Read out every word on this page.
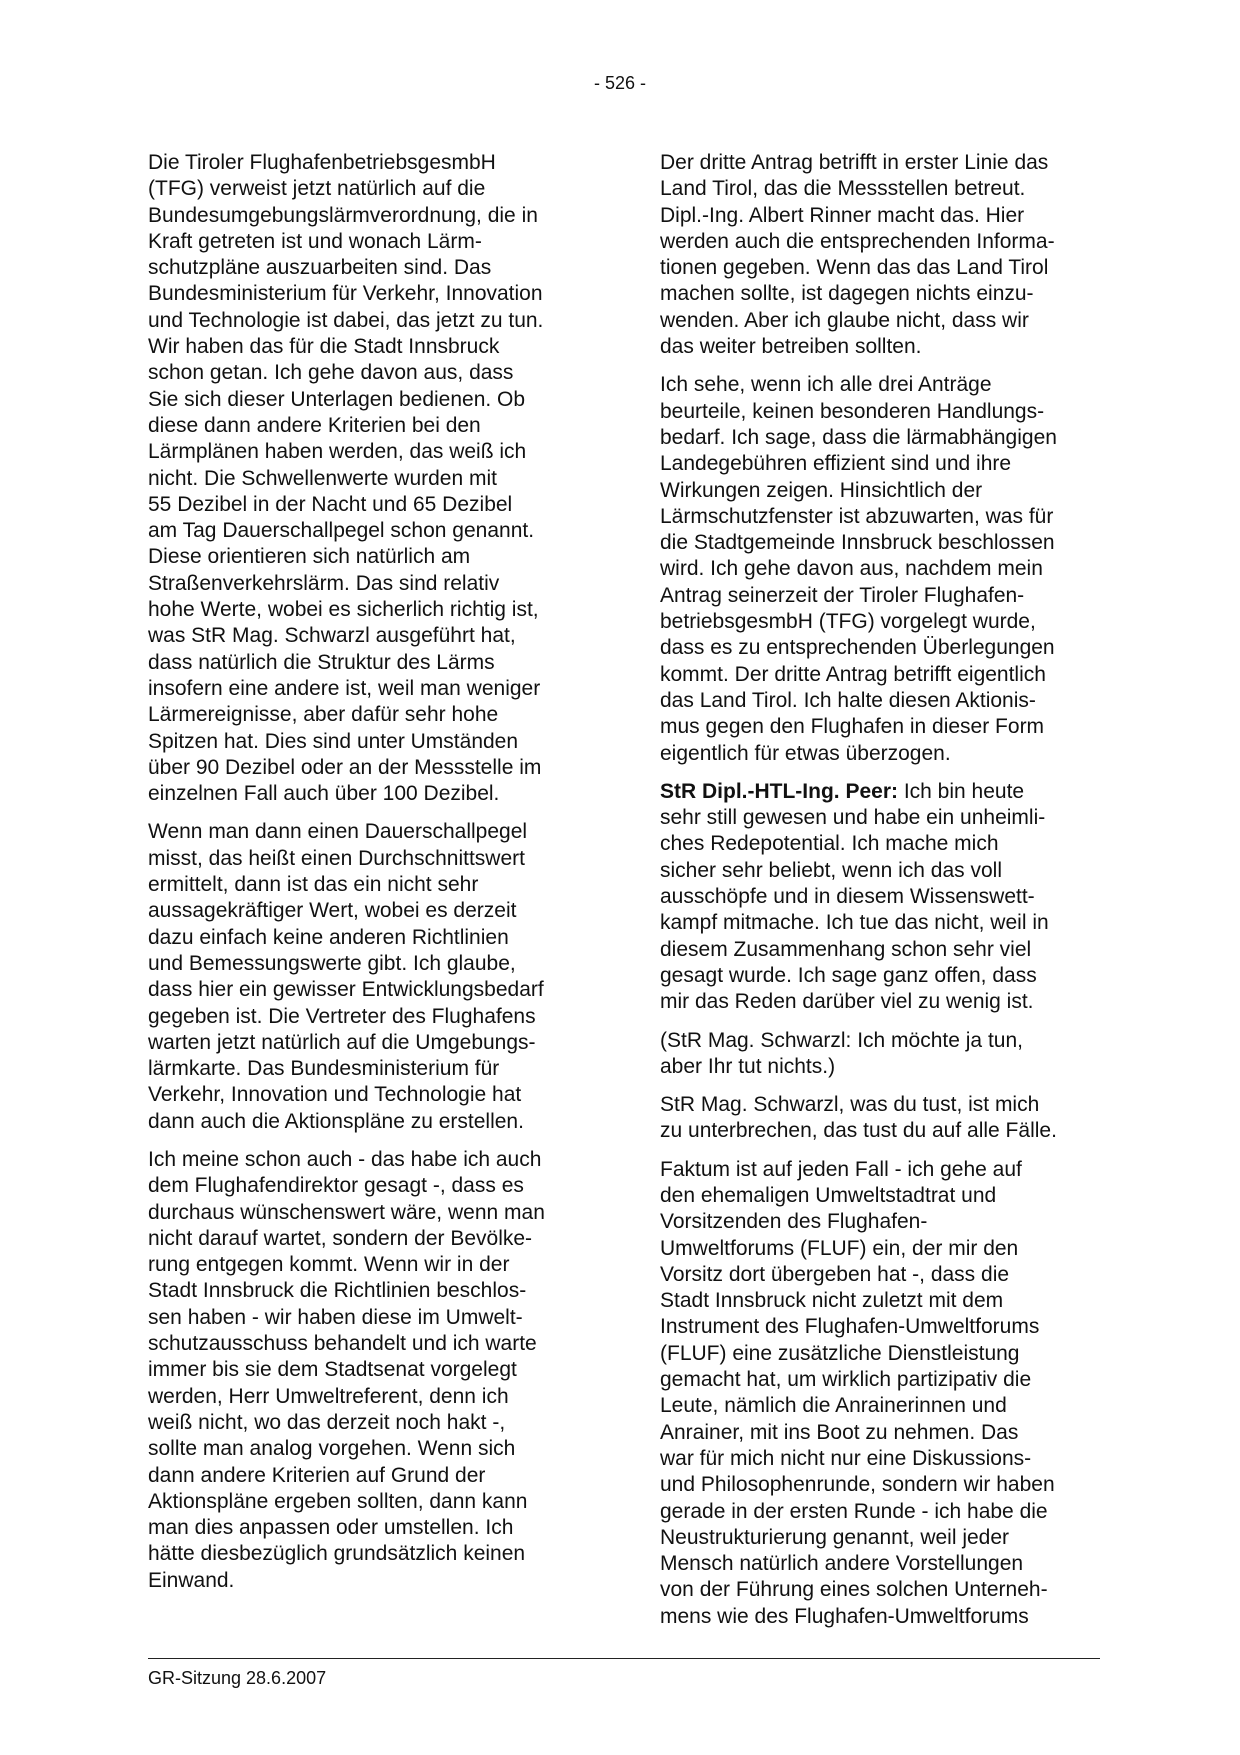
- 526 -

Die Tiroler FlughafenbetriebsgesmbH
(TFG) verweist jetzt natürlich auf die
Bundesumgebungslärmverordnung, die in
Kraft getreten ist und wonach Lärm-
schutzpläne auszuarbeiten sind. Das
Bundesministerium für Verkehr, Innovation
und Technologie ist dabei, das jetzt zu tun.
Wir haben das für die Stadt Innsbruck
schon getan. Ich gehe davon aus, dass
Sie sich dieser Unterlagen bedienen. Ob
diese dann andere Kriterien bei den
Lärmplänen haben werden, das weiß ich
nicht. Die Schwellenwerte wurden mit
55 Dezibel in der Nacht und 65 Dezibel
am Tag Dauerschallpegel schon genannt.
Diese orientieren sich natürlich am
Straßenverkehrslärm. Das sind relativ
hohe Werte, wobei es sicherlich richtig ist,
was StR Mag. Schwarzl ausgeführt hat,
dass natürlich die Struktur des Lärms
insofern eine andere ist, weil man weniger
Lärmereignisse, aber dafür sehr hohe
Spitzen hat. Dies sind unter Umständen
über 90 Dezibel oder an der Messstelle im
einzelnen Fall auch über 100 Dezibel.

Wenn man dann einen Dauerschallpegel
misst, das heißt einen Durchschnittswert
ermittelt, dann ist das ein nicht sehr
aussagekräftiger Wert, wobei es derzeit
dazu einfach keine anderen Richtlinien
und Bemessungswerte gibt. Ich glaube,
dass hier ein gewisser Entwicklungsbedarf
gegeben ist. Die Vertreter des Flughafens
warten jetzt natürlich auf die Umgebungs-
lärmkarte. Das Bundesministerium für
Verkehr, Innovation und Technologie hat
dann auch die Aktionspläne zu erstellen.

Ich meine schon auch - das habe ich auch
dem Flughafendirektor gesagt -, dass es
durchaus wünschenswert wäre, wenn man
nicht darauf wartet, sondern der Bevölke-
rung entgegen kommt. Wenn wir in der
Stadt Innsbruck die Richtlinien beschlos-
sen haben - wir haben diese im Umwelt-
schutzausschuss behandelt und ich warte
immer bis sie dem Stadtsenat vorgelegt
werden, Herr Umweltreferent, denn ich
weiß nicht, wo das derzeit noch hakt -,
sollte man analog vorgehen. Wenn sich
dann andere Kriterien auf Grund der
Aktionspläne ergeben sollten, dann kann
man dies anpassen oder umstellen. Ich
hätte diesbezüglich grundsätzlich keinen
Einwand.

Der dritte Antrag betrifft in erster Linie das
Land Tirol, das die Messstellen betreut.
Dipl.-Ing. Albert Rinner macht das. Hier
werden auch die entsprechenden Informa-
tionen gegeben. Wenn das das Land Tirol
machen sollte, ist dagegen nichts einzu-
wenden. Aber ich glaube nicht, dass wir
das weiter betreiben sollten.

Ich sehe, wenn ich alle drei Anträge
beurteile, keinen besonderen Handlungs-
bedarf. Ich sage, dass die lärmabhängigen
Landegebühren effizient sind und ihre
Wirkungen zeigen. Hinsichtlich der
Lärmschutzfenster ist abzuwarten, was für
die Stadtgemeinde Innsbruck beschlossen
wird. Ich gehe davon aus, nachdem mein
Antrag seinerzeit der Tiroler Flughafen-
betriebsgesmbH (TFG) vorgelegt wurde,
dass es zu entsprechenden Überlegungen
kommt. Der dritte Antrag betrifft eigentlich
das Land Tirol. Ich halte diesen Aktionis-
mus gegen den Flughafen in dieser Form
eigentlich für etwas überzogen.

StR Dipl.-HTL-Ing. Peer: Ich bin heute
sehr still gewesen und habe ein unheimli-
ches Redepotential. Ich mache mich
sicher sehr beliebt, wenn ich das voll
ausschöpfe und in diesem Wissenswett-
kampf mitmache. Ich tue das nicht, weil in
diesem Zusammenhang schon sehr viel
gesagt wurde. Ich sage ganz offen, dass
mir das Reden darüber viel zu wenig ist.

(StR Mag. Schwarzl: Ich möchte ja tun,
aber Ihr tut nichts.)

StR Mag. Schwarzl, was du tust, ist mich
zu unterbrechen, das tust du auf alle Fälle.

Faktum ist auf jeden Fall - ich gehe auf
den ehemaligen Umweltstadtrat und
Vorsitzenden des Flughafen-
Umweltforums (FLUF) ein, der mir den
Vorsitz dort übergeben hat -, dass die
Stadt Innsbruck nicht zuletzt mit dem
Instrument des Flughafen-Umweltforums
(FLUF) eine zusätzliche Dienstleistung
gemacht hat, um wirklich partizipativ die
Leute, nämlich die Anrainerinnen und
Anrainer, mit ins Boot zu nehmen. Das
war für mich nicht nur eine Diskussions-
und Philosophenrunde, sondern wir haben
gerade in der ersten Runde - ich habe die
Neustrukturierung genannt, weil jeder
Mensch natürlich andere Vorstellungen
von der Führung eines solchen Unterneh-
mens wie des Flughafen-Umweltforums

GR-Sitzung 28.6.2007
